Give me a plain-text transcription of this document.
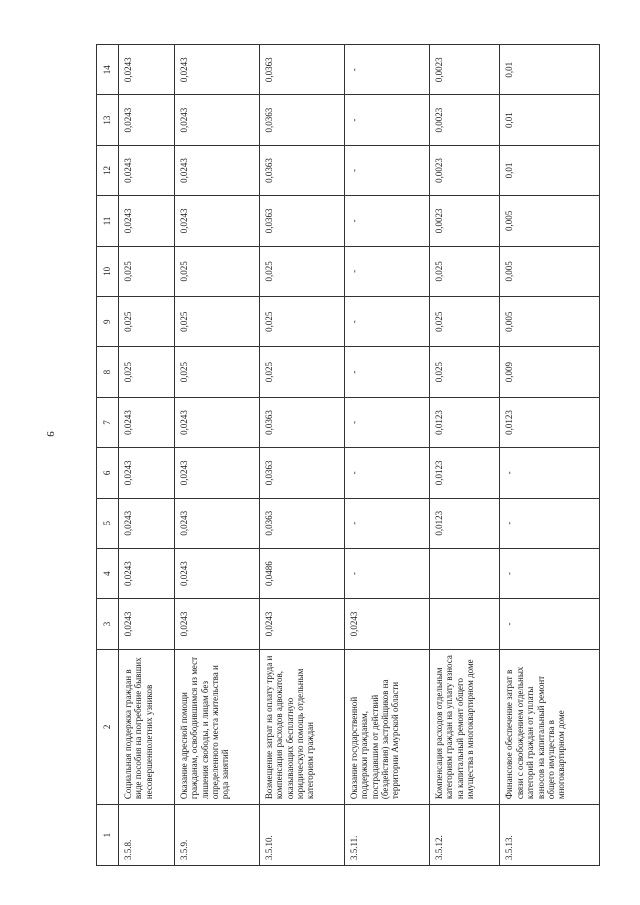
9
1	2	3	4	5	6	7	8	9	10	11	12	13	14
3.5.8.	Социальная поддержка граждан в виде пособия на погребение бывших несовершеннолетних узников	0,0243	0,0243	0,0243	0,0243	0,0243	0,025	0,025	0,025	0,0243	0,0243	0,0243	0,0243
3.5.9.	Оказание адресной помощи гражданам, освободившимся из мест лишения свободы, и лицам без определенного места жительства и рода занятий	0,0243	0,0243	0,0243	0,0243	0,0243	0,025	0,025	0,025	0,0243	0,0243	0,0243	0,0243
3.5.10.	Возмещение затрат на оплату труда и компенсация расходов адвокатов, оказывающих бесплатную юридическую помощь отдельным категориям граждан	0,0243	0,0486	0,0363	0,0363	0,0363	0,025	0,025	0,025	0,0363	0,0363	0,0363	0,0363
3.5.11.	Оказание государственной поддержки гражданам, пострадавшим от действий (бездействия) застройщиков на территории Амурской области	0,0243	-	-	-	-	-	-	-	-	-	-	-
3.5.12.	Компенсация расходов отдельным категориям граждан на уплату взноса на капитальный ремонт общего имущества в многоквартирном доме			0,0123	0,0123	0,0123	0,025	0,025	0,025	0,0023	0,0023	0,0023	0,0023
3.5.13.	Финансовое обеспечение затрат в связи с освобождением отдельных категорий граждан от уплаты взносов на капитальный ремонт общего имущества в многоквартирном доме	-	-	-	-	0,0123	0,009	0,005	0,005	0,005	0,01	0,01	0,01
